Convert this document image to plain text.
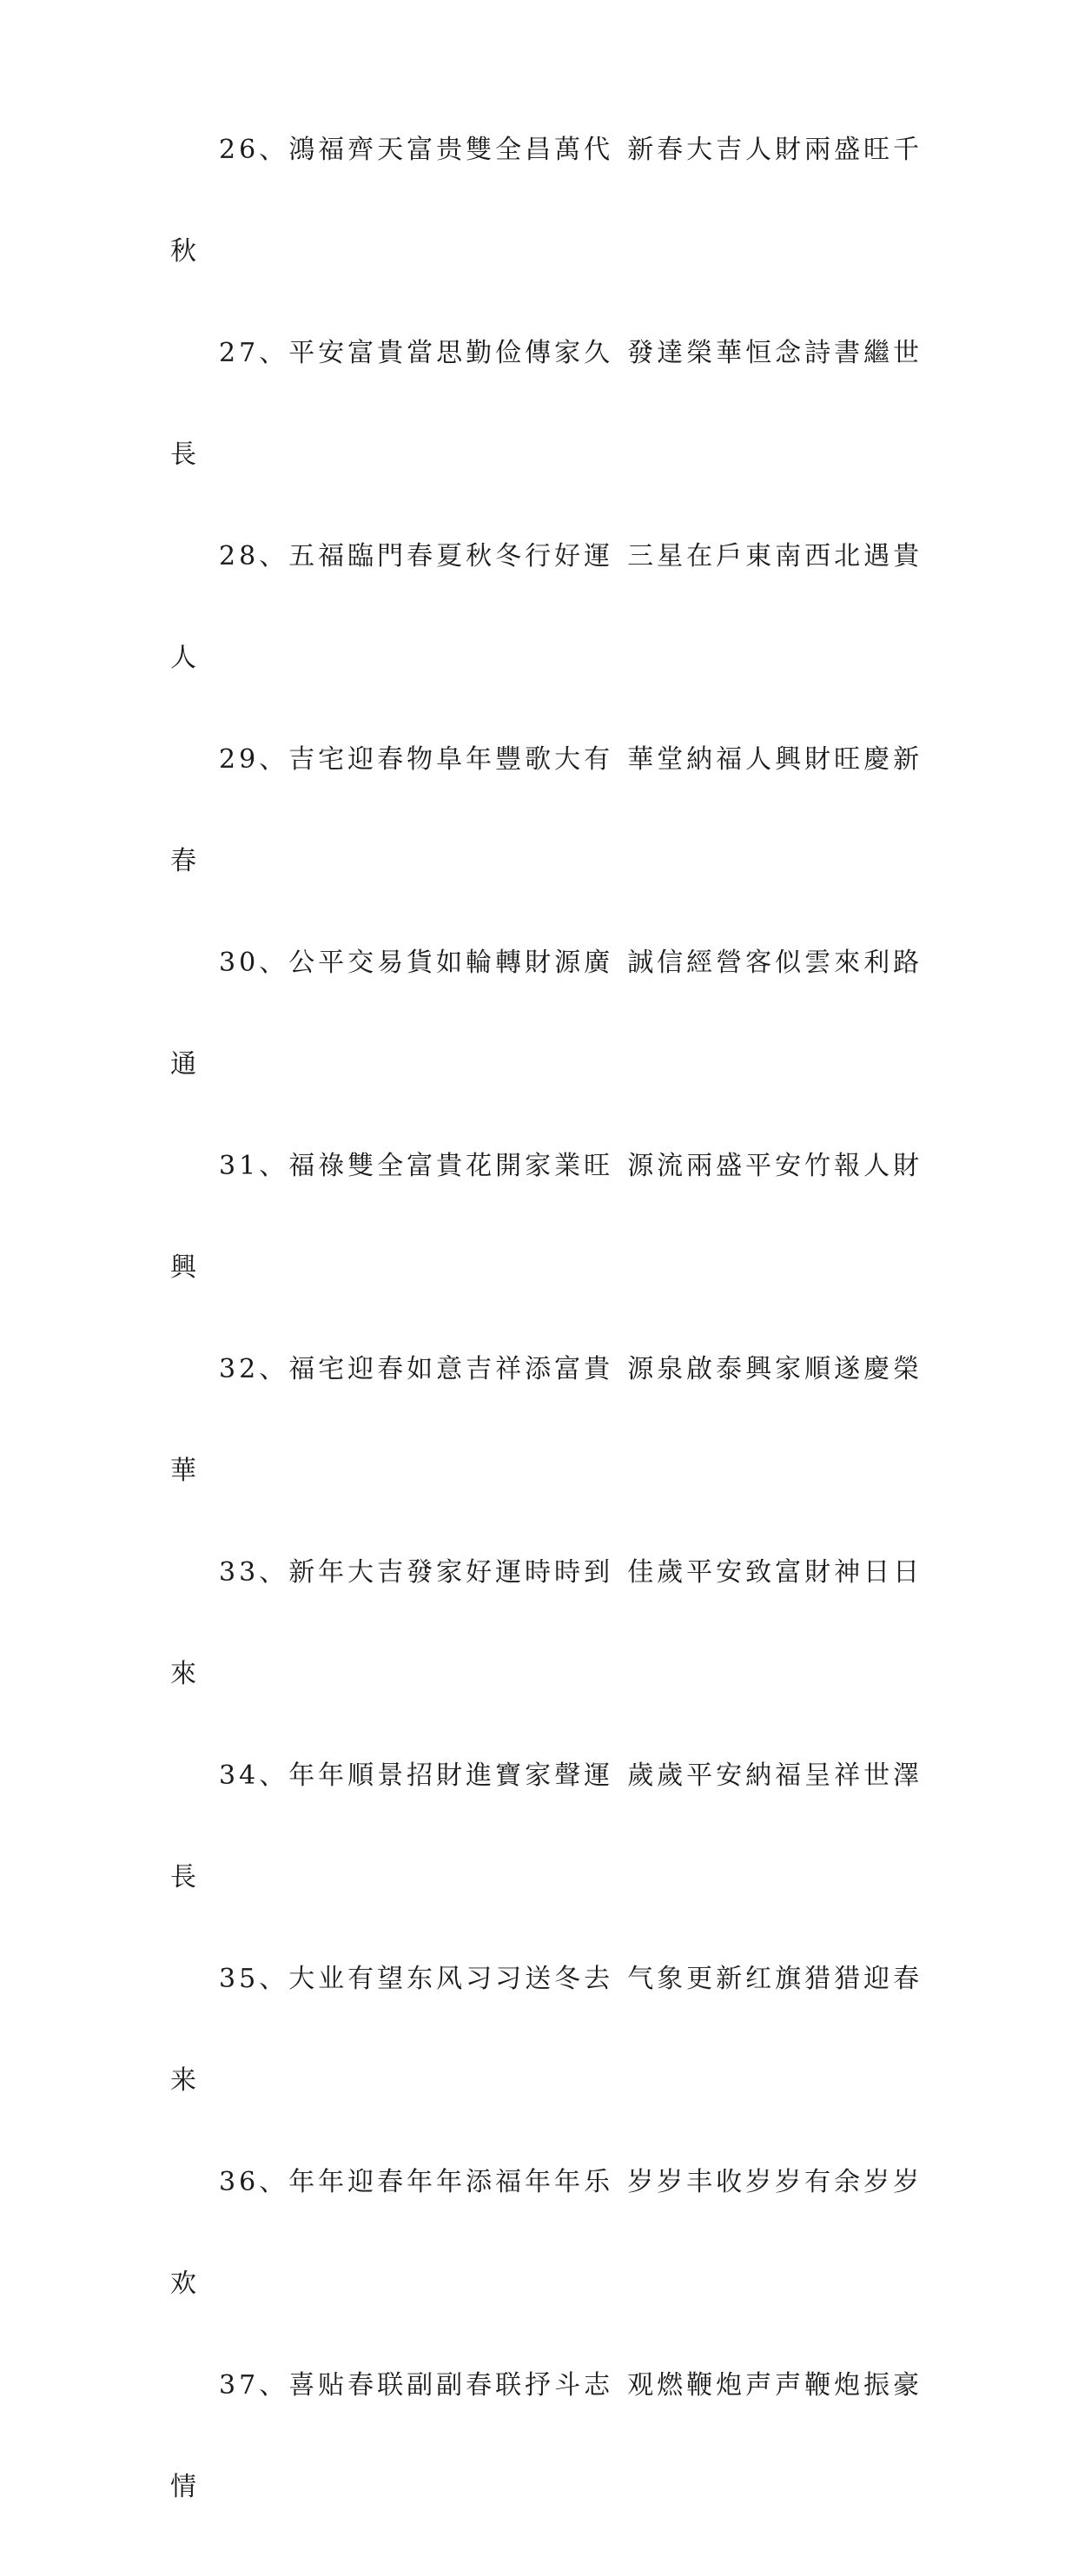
26、鴻福齊天富贵雙全昌萬代 新春大吉人財兩盛旺千
秋
27、平安富貴當思勤俭傳家久 發達榮華恒念詩書繼世
長
28、五福臨門春夏秋冬行好運 三星在戶東南西北遇貴
人
29、吉宅迎春物阜年豐歌大有 華堂納福人興財旺慶新
春
30、公平交易貨如輪轉財源廣 誠信經營客似雲來利路
通
31、福祿雙全富貴花開家業旺 源流兩盛平安竹報人財
興
32、福宅迎春如意吉祥添富貴 源泉啟泰興家順遂慶榮
華
33、新年大吉發家好運時時到 佳歲平安致富財神日日
來
34、年年順景招財進寶家聲運 歲歲平安納福呈祥世澤
長
35、大业有望东风习习送冬去 气象更新红旗猎猎迎春
来
36、年年迎春年年添福年年乐 岁岁丰收岁岁有余岁岁
欢
37、喜贴春联副副春联抒斗志 观燃鞭炮声声鞭炮振豪
情
